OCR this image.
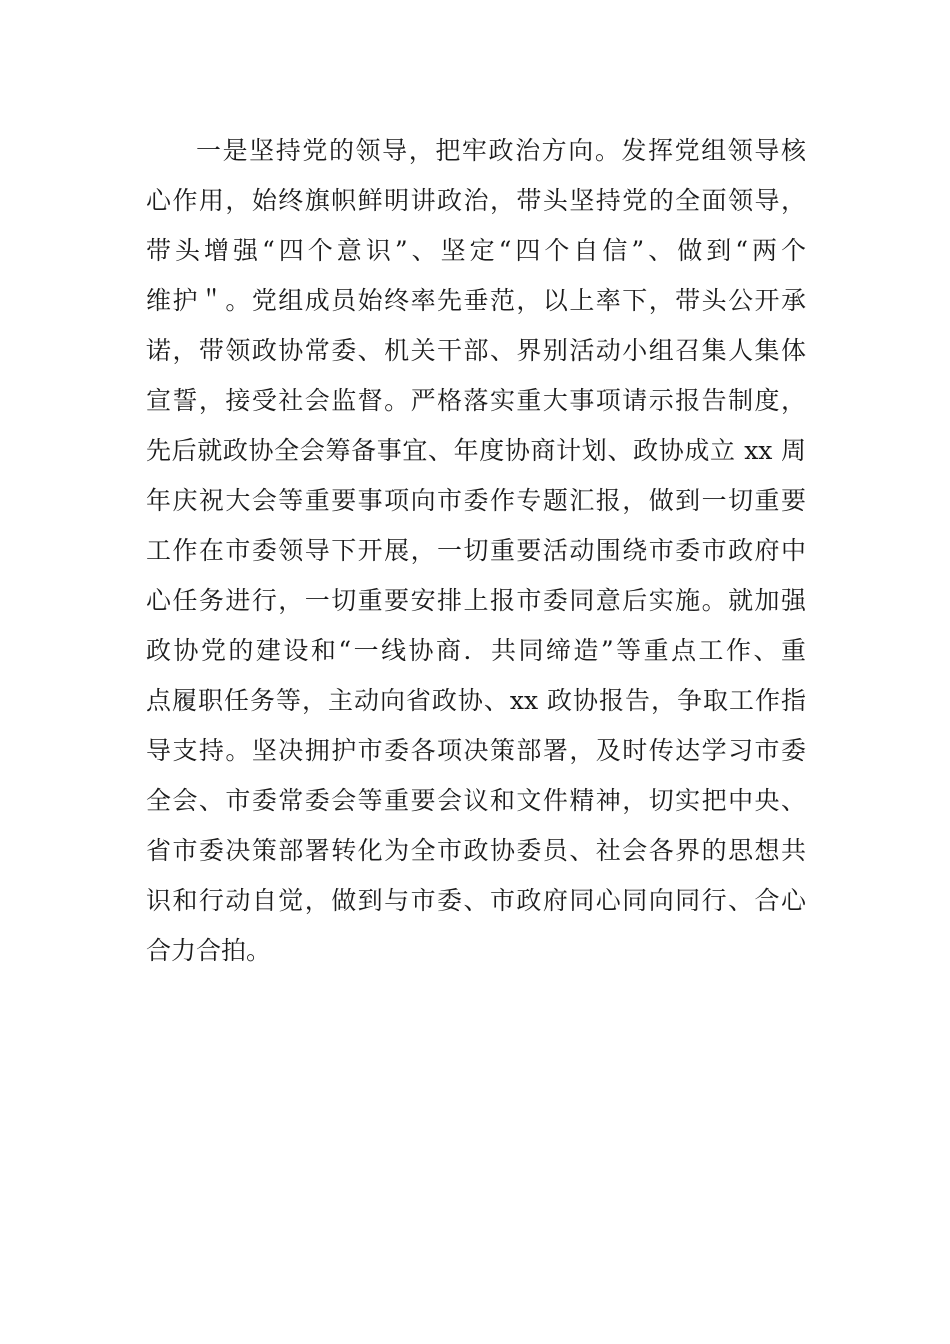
一是坚持党的领导，把牢政治方向。发挥党组领导核
心作用，始终旗帜鲜明讲政治，带头坚持党的全面领导，
带头增强“四个意识”、坚定“四个自信”、做到“两个
维护＂。党组成员始终率先垂范，以上率下，带头公开承
诺，带领政协常委、机关干部、界别活动小组召集人集体
宣誓，接受社会监督。严格落实重大事项请示报告制度，
先后就政协全会筹备事宜、年度协商计划、政协成立 xx 周
年庆祝大会等重要事项向市委作专题汇报，做到一切重要
工作在市委领导下开展，一切重要活动围绕市委市政府中
心任务进行，一切重要安排上报市委同意后实施。就加强
政协党的建设和“一线协商．共同缔造”等重点工作、重
点履职任务等，主动向省政协、xx 政协报告，争取工作指
导支持。坚决拥护市委各项决策部署，及时传达学习市委
全会、市委常委会等重要会议和文件精神，切实把中央、
省市委决策部署转化为全市政协委员、社会各界的思想共
识和行动自觉，做到与市委、市政府同心同向同行、合心
合力合拍。
